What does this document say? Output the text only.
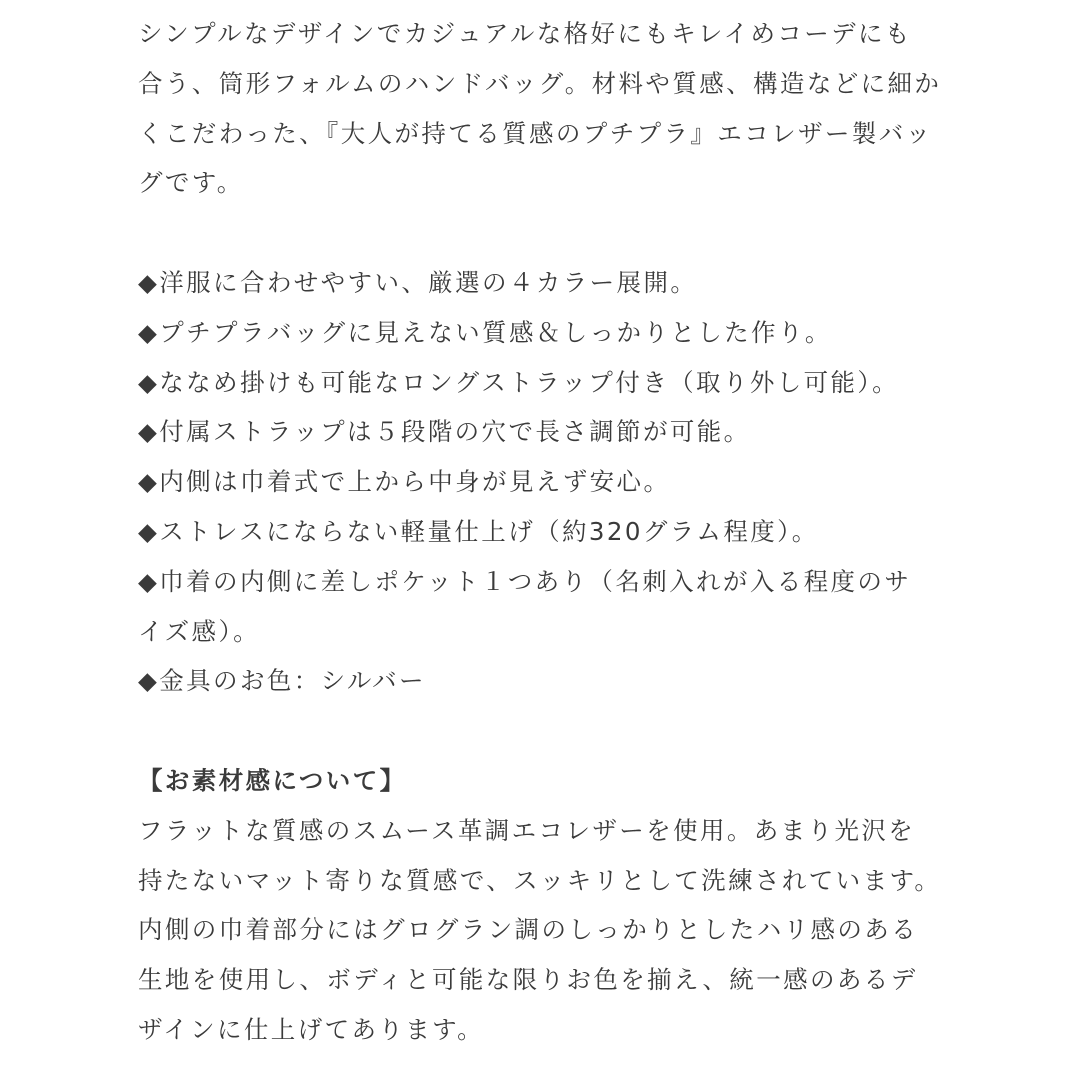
シンプルなデザインでカジュアルな格好にもキレイめコーデにも
合う、筒形フォルムのハンドバッグ。材料や質感、構造などに細か
くこだわった、『大人が持てる質感のプチプラ』エコレザー製バッ
グです。
◆洋服に合わせやすい、厳選の４カラー展開。
◆プチプラバッグに見えない質感＆しっかりとした作り。
◆ななめ掛けも可能なロングストラップ付き（取り外し可能）。
◆付属ストラップは５段階の穴で長さ調節が可能。
◆内側は巾着式で上から中身が見えず安心。
◆ストレスにならない軽量仕上げ（約320グラム程度）。
◆巾着の内側に差しポケット１つあり（名刺入れが入る程度のサ
イズ感）。
◆金具のお色：シルバー
【お素材感について】
フラットな質感のスムース革調エコレザーを使用。あまり光沢を
持たないマット寄りな質感で、スッキリとして洗練されています。
内側の巾着部分にはグログラン調のしっかりとしたハリ感のある
生地を使用し、ボディと可能な限りお色を揃え、統一感のあるデ
ザインに仕上げてあります。
